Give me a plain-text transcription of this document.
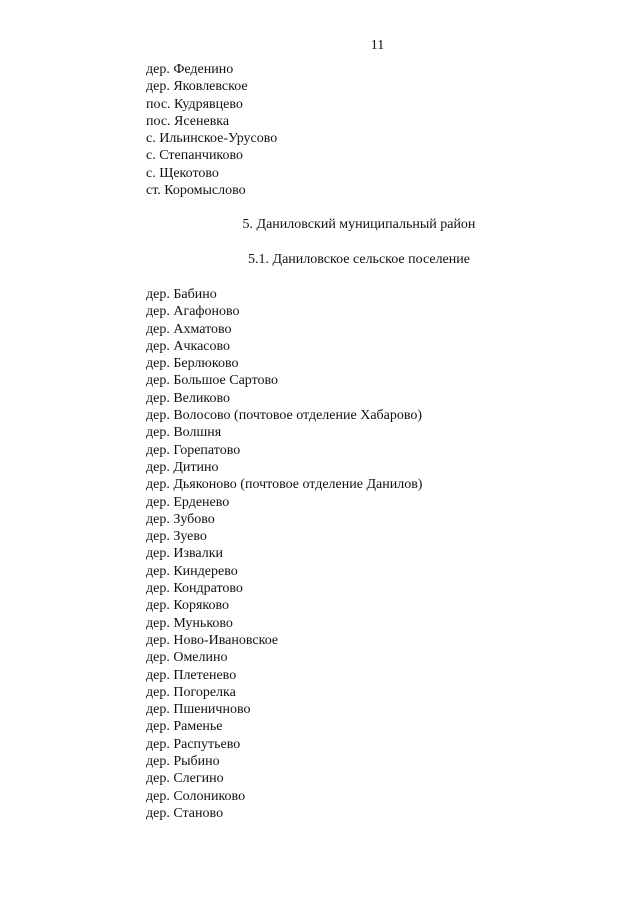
11
дер. Феденино
дер. Яковлевское
пос. Кудрявцево
пос. Ясеневка
с. Ильинское-Урусово
с. Степанчиково
с. Щекотово
ст. Коромыслово
5. Даниловский муниципальный район
5.1. Даниловское сельское поселение
дер. Бабино
дер. Агафоново
дер. Ахматово
дер. Ачкасово
дер. Берлюково
дер. Большое Сартово
дер. Великово
дер. Волосово (почтовое отделение Хабарово)
дер. Волшня
дер. Горепатово
дер. Дитино
дер. Дьяконово (почтовое отделение Данилов)
дер. Ерденево
дер. Зубово
дер. Зуево
дер. Извалки
дер. Киндерево
дер. Кондратово
дер. Коряково
дер. Муньково
дер. Ново-Ивановское
дер. Омелино
дер. Плетенево
дер. Погорелка
дер. Пшеничново
дер. Раменье
дер. Распутьево
дер. Рыбино
дер. Слегино
дер. Солониково
дер. Становo
